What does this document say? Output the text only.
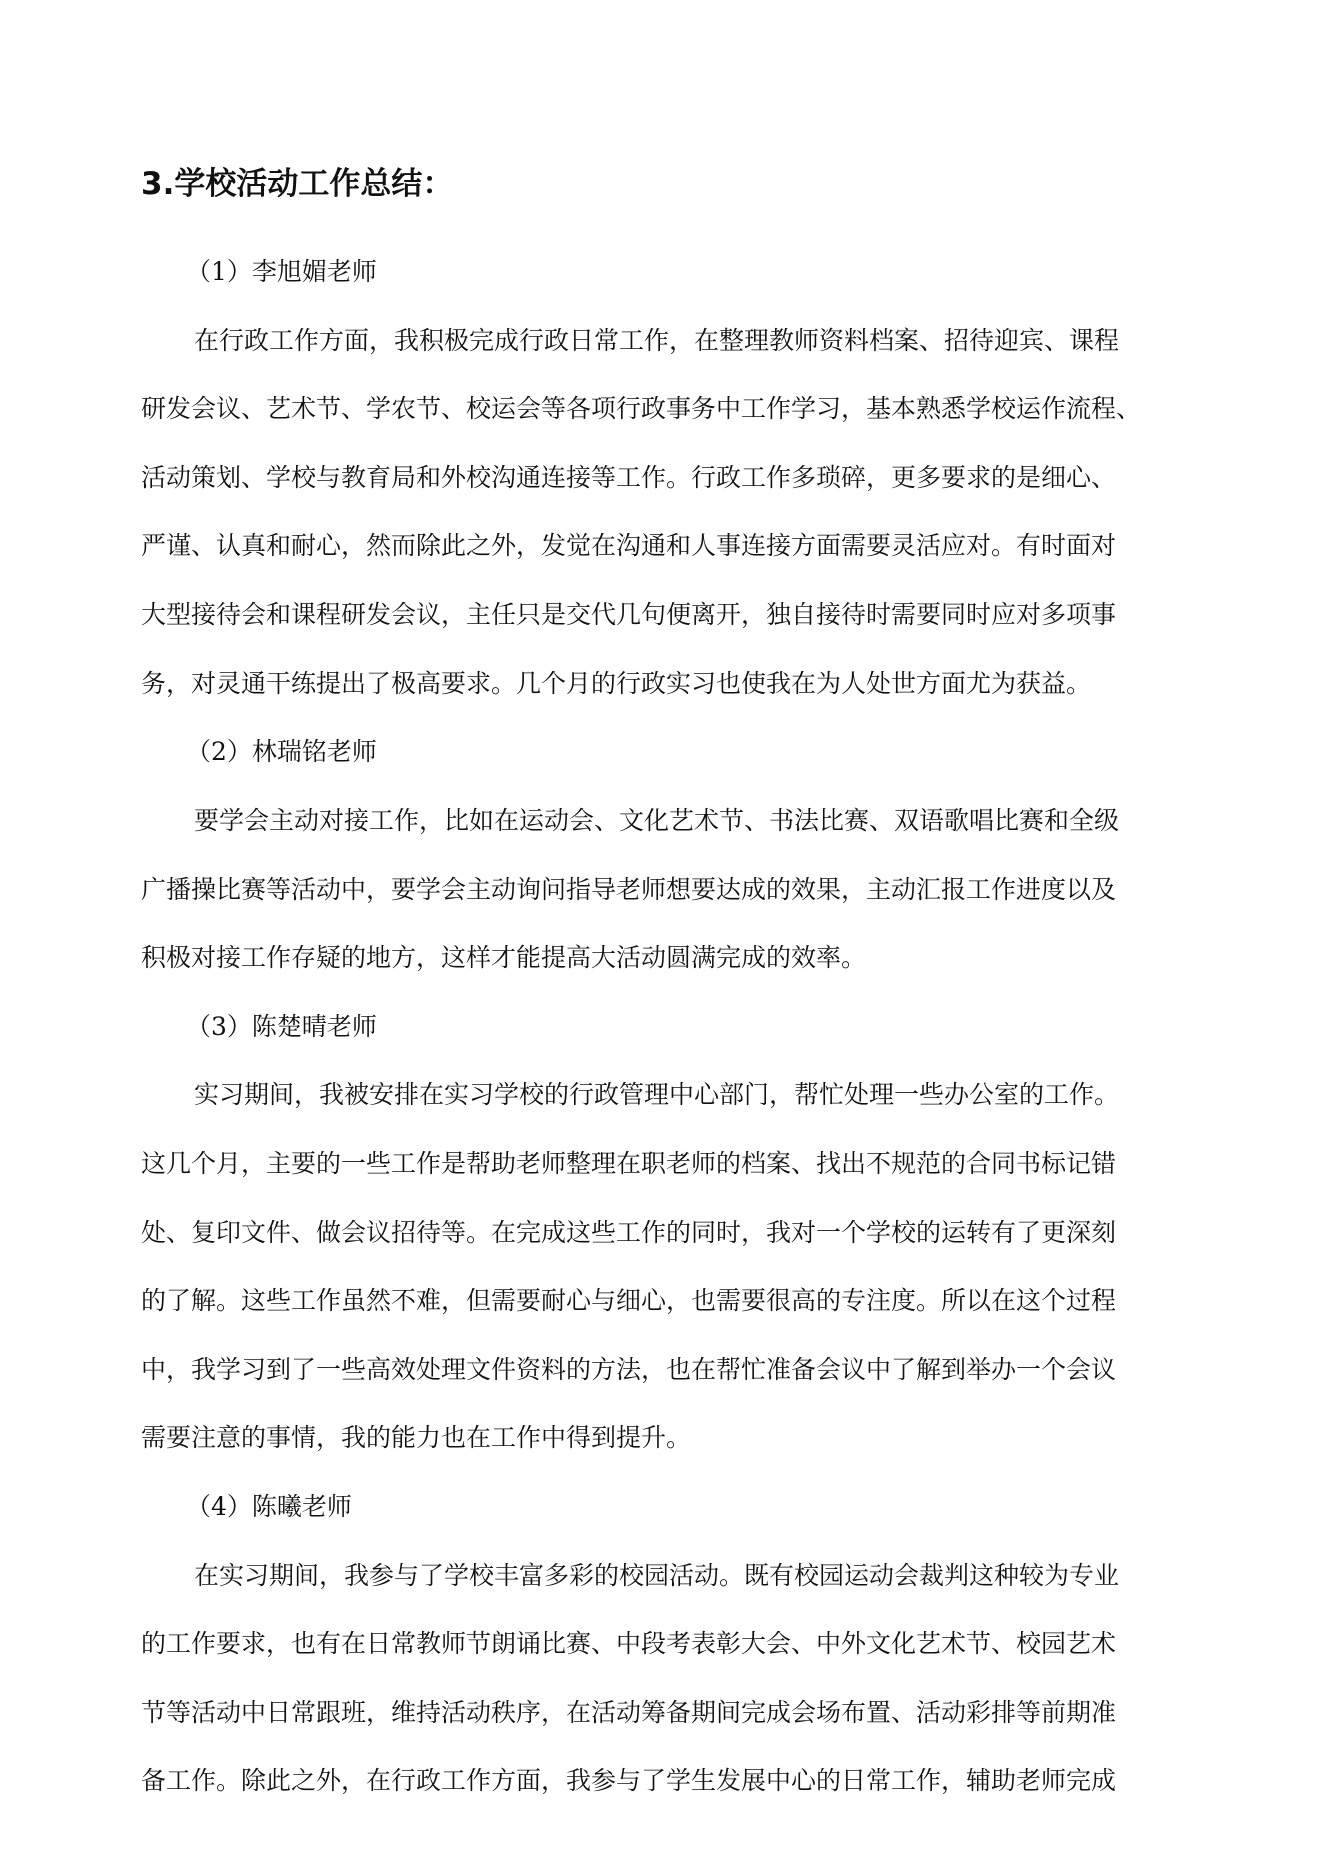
3.学校活动工作总结：
（1）李旭媚老师
在行政工作方面，我积极完成行政日常工作，在整理教师资料档案、招待迎宾、课程
研发会议、艺术节、学农节、校运会等各项行政事务中工作学习，基本熟悉学校运作流程、
活动策划、学校与教育局和外校沟通连接等工作。行政工作多琐碎，更多要求的是细心、
严谨、认真和耐心，然而除此之外，发觉在沟通和人事连接方面需要灵活应对。有时面对
大型接待会和课程研发会议，主任只是交代几句便离开，独自接待时需要同时应对多项事
务，对灵通干练提出了极高要求。几个月的行政实习也使我在为人处世方面尤为获益。
（2）林瑞铭老师
要学会主动对接工作，比如在运动会、文化艺术节、书法比赛、双语歌唱比赛和全级
广播操比赛等活动中，要学会主动询问指导老师想要达成的效果，主动汇报工作进度以及
积极对接工作存疑的地方，这样才能提高大活动圆满完成的效率。
（3）陈楚晴老师
实习期间，我被安排在实习学校的行政管理中心部门，帮忙处理一些办公室的工作。
这几个月，主要的一些工作是帮助老师整理在职老师的档案、找出不规范的合同书标记错
处、复印文件、做会议招待等。在完成这些工作的同时，我对一个学校的运转有了更深刻
的了解。这些工作虽然不难，但需要耐心与细心，也需要很高的专注度。所以在这个过程
中，我学习到了一些高效处理文件资料的方法，也在帮忙准备会议中了解到举办一个会议
需要注意的事情，我的能力也在工作中得到提升。
（4）陈曦老师
在实习期间，我参与了学校丰富多彩的校园活动。既有校园运动会裁判这种较为专业
的工作要求，也有在日常教师节朗诵比赛、中段考表彰大会、中外文化艺术节、校园艺术
节等活动中日常跟班，维持活动秩序，在活动筹备期间完成会场布置、活动彩排等前期准
备工作。除此之外，在行政工作方面，我参与了学生发展中心的日常工作，辅助老师完成
